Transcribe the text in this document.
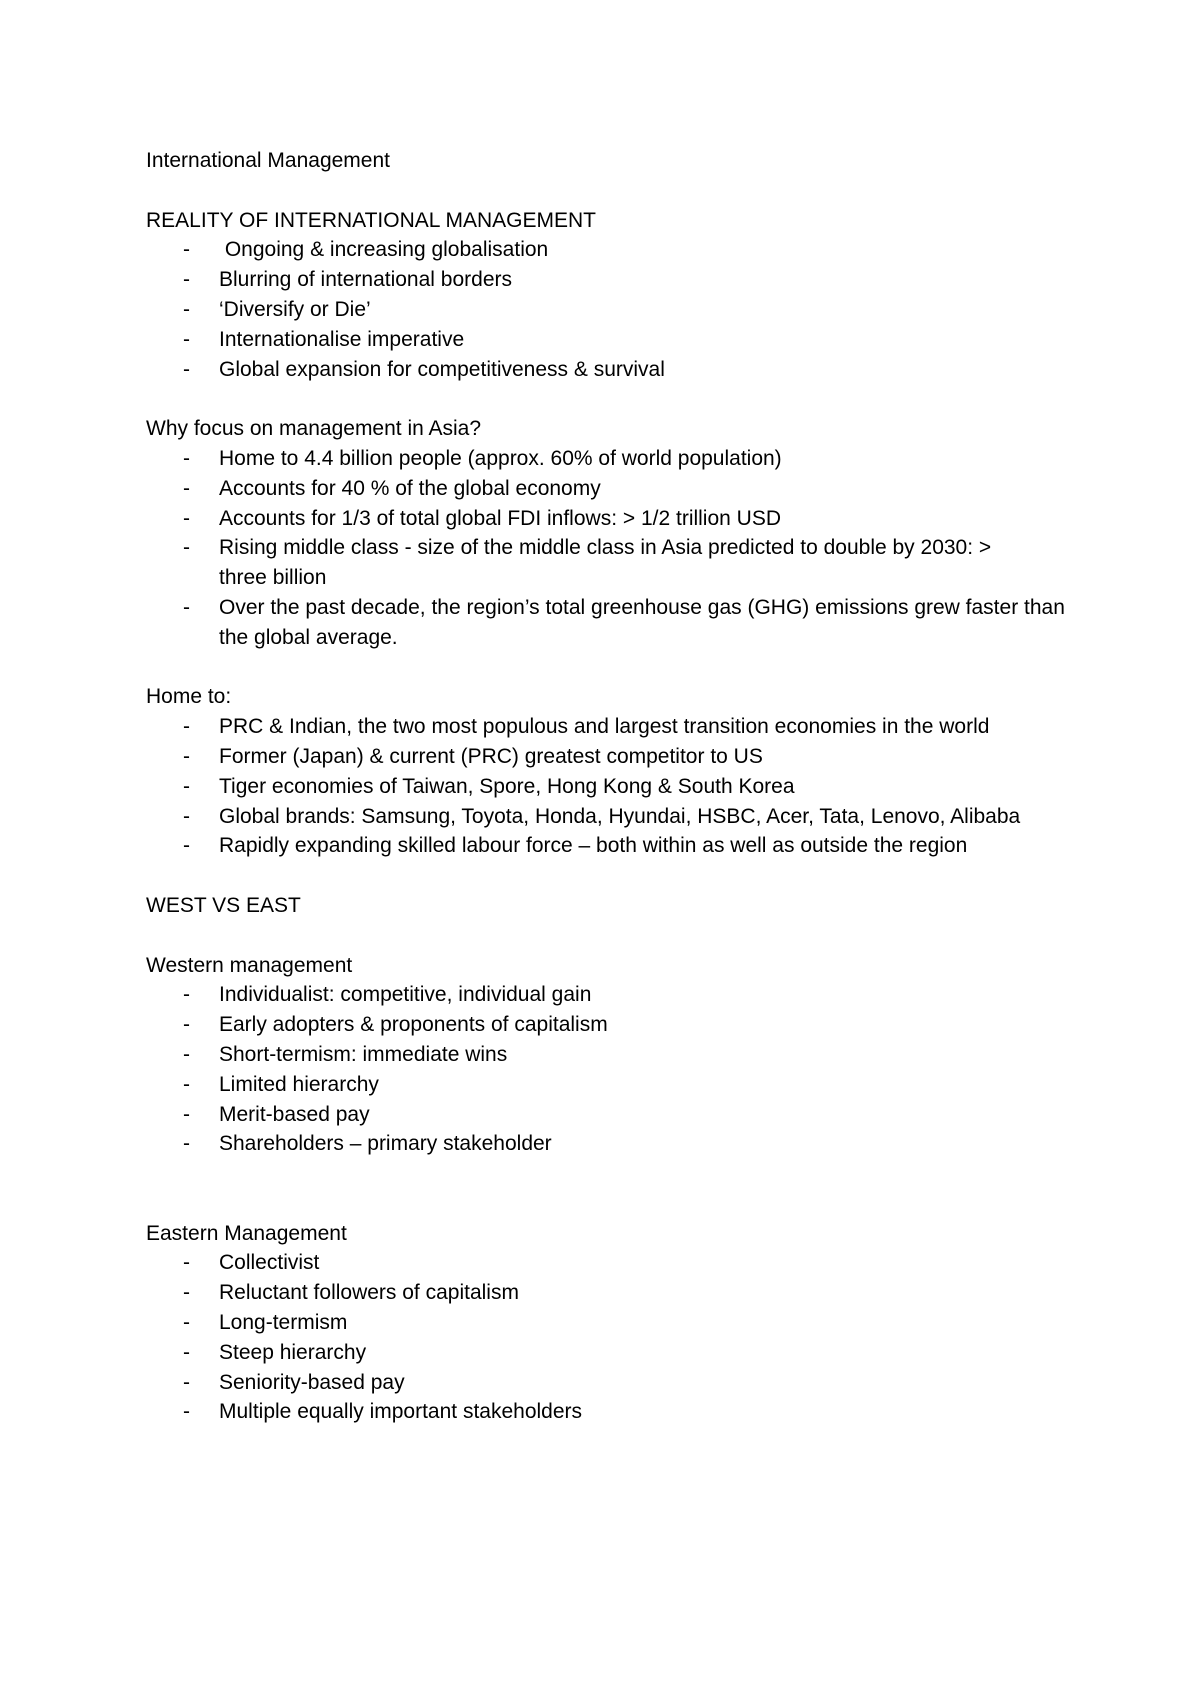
International Management

REALITY OF INTERNATIONAL MANAGEMENT

- Ongoing & increasing globalisation
- Blurring of international borders
- ‘Diversify or Die’
- Internationalise imperative
- Global expansion for competitiveness & survival

Why focus on management in Asia?

- Home to 4.4 billion people (approx. 60% of world population)
- Accounts for 40 % of the global economy
- Accounts for 1/3 of total global FDI inflows: > 1/2 trillion USD
- Rising middle class - size of the middle class in Asia predicted to double by 2030: > three billion
- Over the past decade, the region’s total greenhouse gas (GHG) emissions grew faster than the global average.

Home to:

- PRC & Indian, the two most populous and largest transition economies in the world
- Former (Japan) & current (PRC) greatest competitor to US
- Tiger economies of Taiwan, Spore, Hong Kong & South Korea
- Global brands: Samsung, Toyota, Honda, Hyundai, HSBC, Acer, Tata, Lenovo, Alibaba
- Rapidly expanding skilled labour force – both within as well as outside the region

WEST VS EAST

Western management

- Individualist: competitive, individual gain
- Early adopters & proponents of capitalism
- Short-termism: immediate wins
- Limited hierarchy
- Merit-based pay
- Shareholders – primary stakeholder

Eastern Management

- Collectivist
- Reluctant followers of capitalism
- Long-termism
- Steep hierarchy
- Seniority-based pay
- Multiple equally important stakeholders
